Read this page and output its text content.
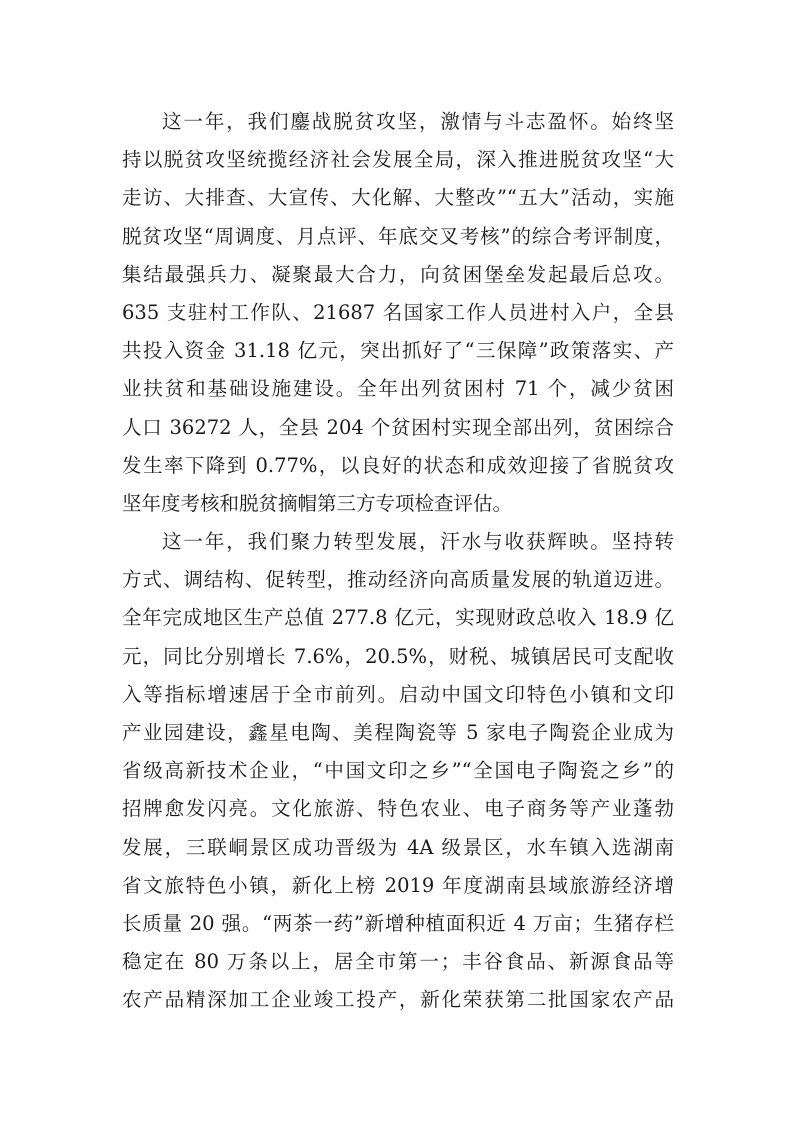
这一年，我们鏖战脱贫攻坚，激情与斗志盈怀。始终坚
持以脱贫攻坚统揽经济社会发展全局，深入推进脱贫攻坚“大
走访、大排查、大宣传、大化解、大整改”“五大”活动，实施
脱贫攻坚“周调度、月点评、年底交叉考核”的综合考评制度，
集结最强兵力、凝聚最大合力，向贫困堡垒发起最后总攻。
635 支驻村工作队、21687 名国家工作人员进村入户，全县
共投入资金 31.18 亿元，突出抓好了“三保障”政策落实、产
业扶贫和基础设施建设。全年出列贫困村 71 个，减少贫困
人口 36272 人，全县 204 个贫困村实现全部出列，贫困综合
发生率下降到 0.77%，以良好的状态和成效迎接了省脱贫攻
坚年度考核和脱贫摘帽第三方专项检查评估。
这一年，我们聚力转型发展，汗水与收获辉映。坚持转
方式、调结构、促转型，推动经济向高质量发展的轨道迈进。
全年完成地区生产总值 277.8 亿元，实现财政总收入 18.9 亿
元，同比分别增长 7.6%，20.5%，财税、城镇居民可支配收
入等指标增速居于全市前列。启动中国文印特色小镇和文印
产业园建设，鑫星电陶、美程陶瓷等 5 家电子陶瓷企业成为
省级高新技术企业，“中国文印之乡”“全国电子陶瓷之乡”的
招牌愈发闪亮。文化旅游、特色农业、电子商务等产业蓬勃
发展，三联峒景区成功晋级为 4A 级景区，水车镇入选湖南
省文旅特色小镇，新化上榜 2019 年度湖南县域旅游经济增
长质量 20 强。“两茶一药”新增种植面积近 4 万亩；生猪存栏
稳定在 80 万条以上，居全市第一；丰谷食品、新源食品等
农产品精深加工企业竣工投产，新化荣获第二批国家农产品
